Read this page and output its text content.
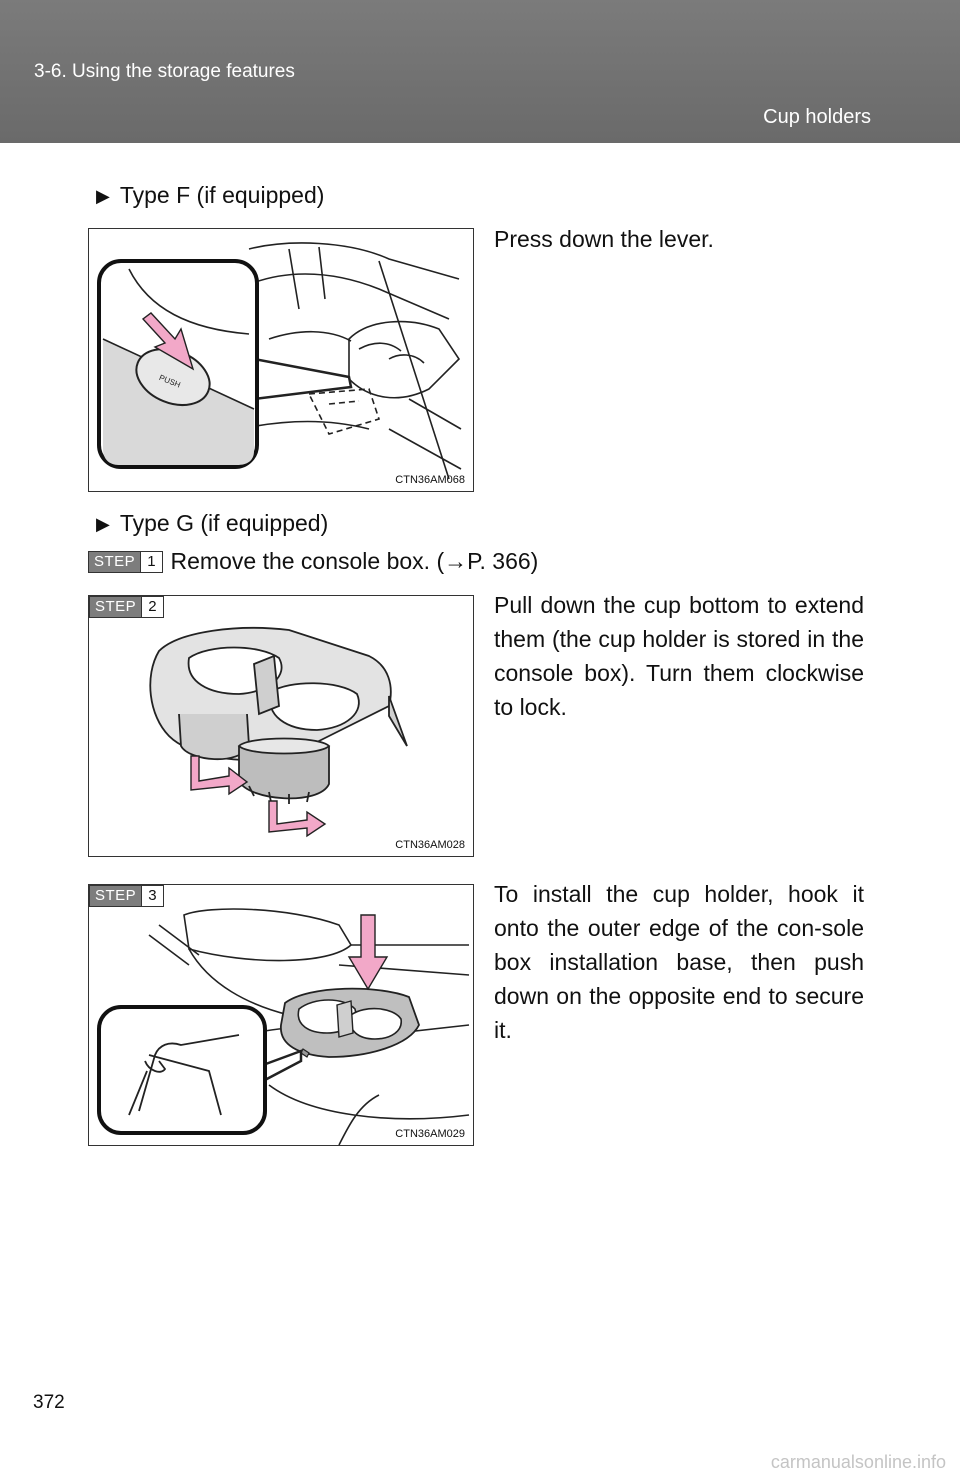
3-6. Using the storage features
Cup holders
▶ Type F (if equipped)
PUSH
CTN36AM068
Press down the lever.
▶ Type G (if equipped)
STEP 1 Remove the console box. (→P. 366)
STEP 2
CTN36AM028
Pull down the cup bottom to extend them (the cup holder is stored in the console box). Turn them clockwise to lock.
STEP 3
CTN36AM029
To install the cup holder, hook it onto the outer edge of the con-sole box installation base, then push down on the opposite end to secure it.
372
carmanualsonline.info
